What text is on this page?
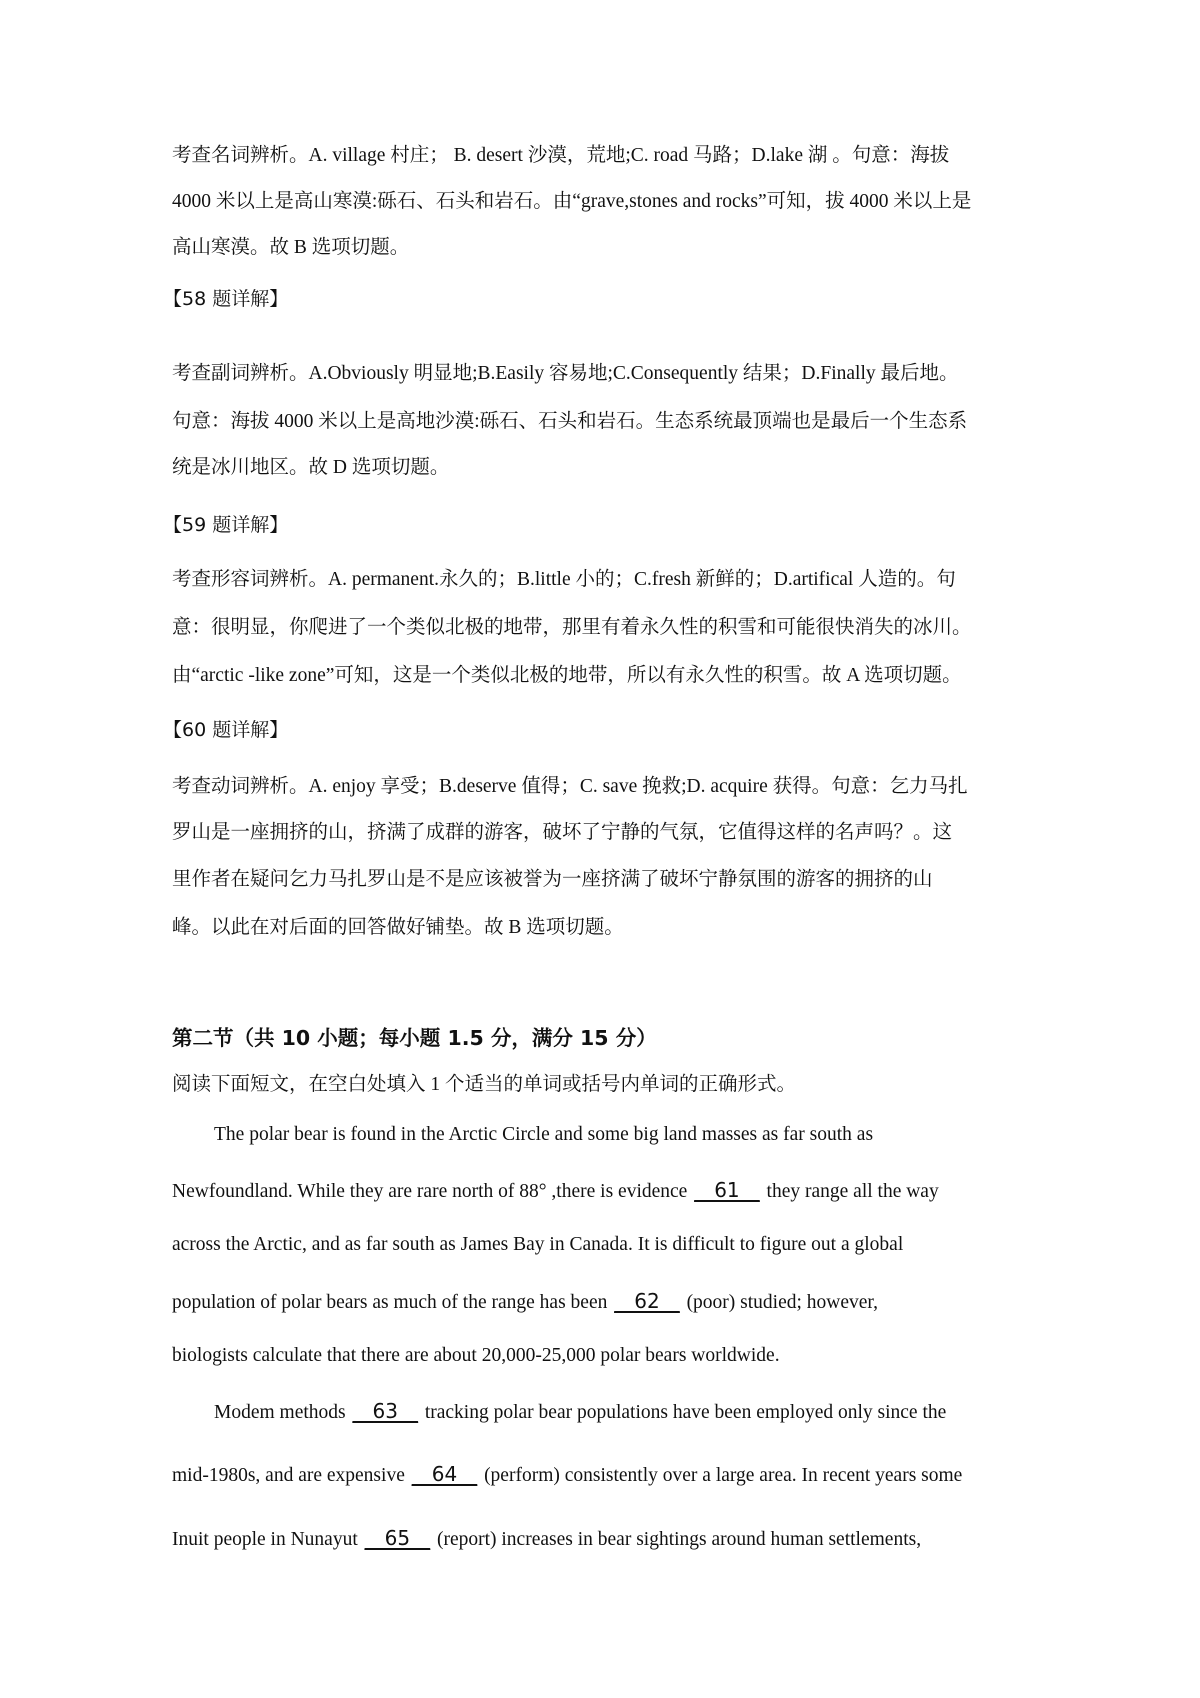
考查名词辨析。A. village 村庄； B. desert 沙漠，荒地;C. road 马路；D.lake 湖 。句意：海拔
4000 米以上是高山寒漠:砾石、石头和岩石。由“grave,stones and rocks”可知，拔 4000 米以上是
高山寒漠。故 B 选项切题。
【58 题详解】
考查副词辨析。A.Obviously 明显地;B.Easily 容易地;C.Consequently 结果；D.Finally 最后地。
句意：海拔 4000 米以上是高地沙漠:砾石、石头和岩石。生态系统最顶端也是最后一个生态系
统是冰川地区。故 D 选项切题。
【59 题详解】
考查形容词辨析。A. permanent.永久的；B.little 小的；C.fresh 新鲜的；D.artifical 人造的。句
意：很明显，你爬进了一个类似北极的地带，那里有着永久性的积雪和可能很快消失的冰川。
由“arctic -like zone”可知，这是一个类似北极的地带，所以有永久性的积雪。故 A 选项切题。
【60 题详解】
考查动词辨析。A. enjoy 享受；B.deserve 值得；C. save 挽救;D. acquire 获得。句意：乞力马扎
罗山是一座拥挤的山，挤满了成群的游客，破坏了宁静的气氛，它值得这样的名声吗？。这
里作者在疑问乞力马扎罗山是不是应该被誉为一座挤满了破坏宁静氛围的游客的拥挤的山
峰。以此在对后面的回答做好铺垫。故 B 选项切题。
第二节（共 10 小题；每小题 1.5 分，满分 15 分）
阅读下面短文，在空白处填入 1 个适当的单词或括号内单词的正确形式。
The polar bear is found in the Arctic Circle and some big land masses as far south as
Newfoundland. While they are rare north of 88° ,there is evidence __61__ they range all the way
across the Arctic, and as far south as James Bay in Canada. It is difficult to figure out a global
population of polar bears as much of the range has been __62__ (poor) studied; however,
biologists calculate that there are about 20,000-25,000 polar bears worldwide.
Modem methods __63__ tracking polar bear populations have been employed only since the
mid-1980s, and are expensive __64__ (perform) consistently over a large area. In recent years some
Inuit people in Nunayut __65__ (report) increases in bear sightings around human settlements,
